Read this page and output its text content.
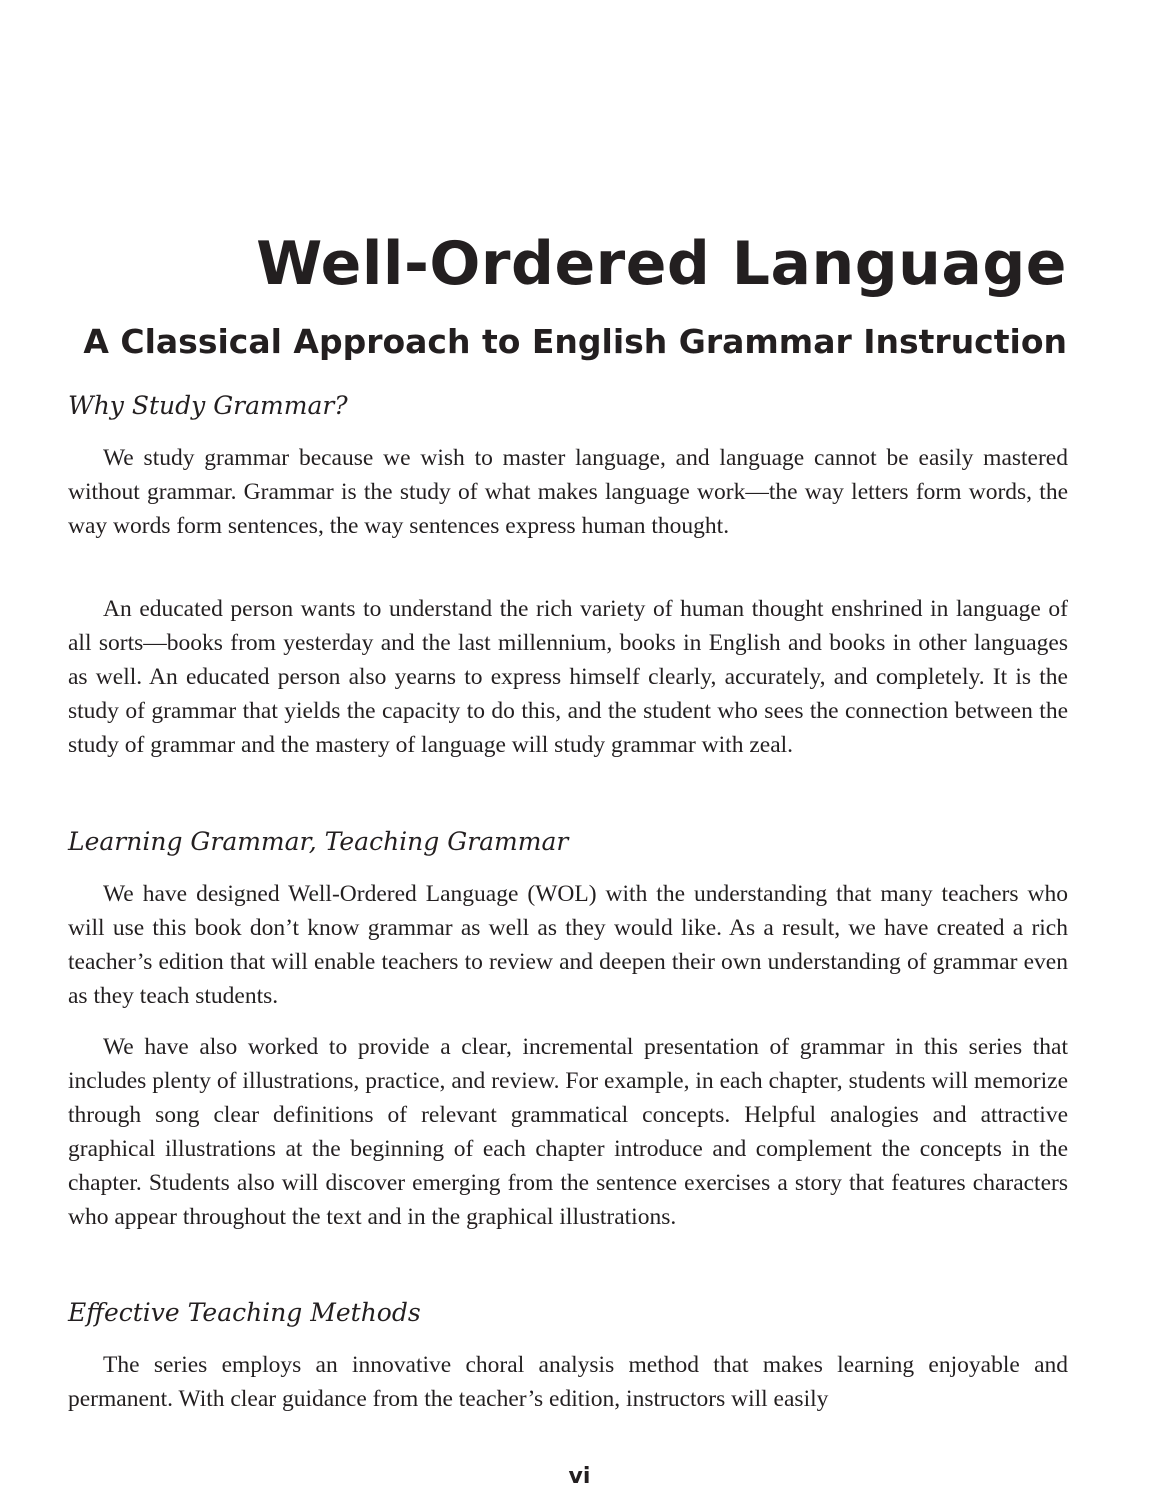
Well-Ordered Language
A Classical Approach to English Grammar Instruction
Why Study Grammar?

We study grammar because we wish to master language, and language cannot be easily mastered without grammar. Grammar is the study of what makes language work—the way letters form words, the way words form sentences, the way sentences express human thought.

An educated person wants to understand the rich variety of human thought enshrined in language of all sorts—books from yesterday and the last millennium, books in English and books in other languages as well. An educated person also yearns to express himself clearly, accurately, and completely. It is the study of grammar that yields the capacity to do this, and the student who sees the connection between the study of grammar and the mastery of language will study grammar with zeal.

Learning Grammar, Teaching Grammar

We have designed Well-Ordered Language (WOL) with the understanding that many teachers who will use this book don’t know grammar as well as they would like. As a result, we have created a rich teacher’s edition that will enable teachers to review and deepen their own understanding of grammar even as they teach students.

We have also worked to provide a clear, incremental presentation of grammar in this series that includes plenty of illustrations, practice, and review. For example, in each chapter, students will memorize through song clear definitions of relevant grammatical concepts. Helpful analogies and attractive graphical illustrations at the beginning of each chapter introduce and complement the concepts in the chapter. Students also will discover emerging from the sentence exercises a story that features characters who appear throughout the text and in the graphical illustrations.

Effective Teaching Methods

The series employs an innovative choral analysis method that makes learning enjoyable and permanent. With clear guidance from the teacher’s edition, instructors will easily

vi
